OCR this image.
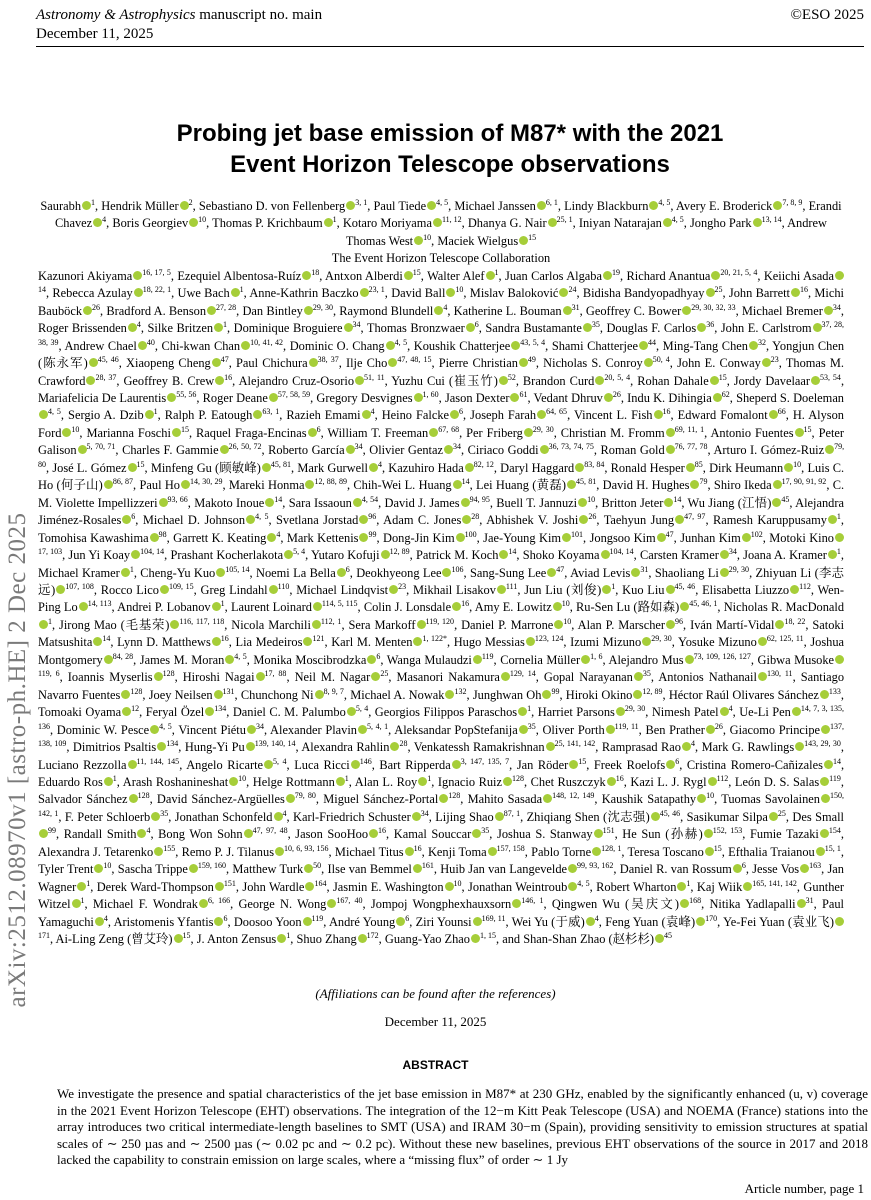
Astronomy & Astrophysics manuscript no. main
December 11, 2025
©ESO 2025
arXiv:2512.08970v1 [astro-ph.HE] 2 Dec 2025
Probing jet base emission of M87* with the 2021
Event Horizon Telescope observations
Saurabh $^1$, Hendrik Müller $^2$, Sebastiano D. von Fellenberg $^{3, 1}$, Paul Tiede $^{4, 5}$, Michael Janssen $^{6, 1}$, Lindy Blackburn $^{4, 5}$, Avery E. Broderick $^{7, 8, 9}$, Erandi Chavez $^4$, Boris Georgiev $^{10}$, Thomas P. Krichbaum $^1$, Kotaro Moriyama $^{11, 12}$, Dhanya G. Nair $^{25, 1}$, Iniyan Natarajan $^{4, 5}$, Jongho Park $^{13, 14}$, Andrew Thomas West $^{10}$, Maciek Wielgus $^{15}$
The Event Horizon Telescope Collaboration
Kazunori Akiyama $^{16, 17, 5}$, Ezequiel Albentosa-Ruíz $^{18}$, Antxon Alberdi $^{15}$, Walter Alef $^1$, Juan Carlos Algaba $^{19}$, Richard Anantua $^{20, 21, 5, 4}$, Keiichi Asada$^{14}$, Rebecca Azulay $^{18, 22, 1}$, Uwe Bach $^1$, Anne-Kathrin Baczko $^{23, 1}$, David Ball $^{10}$, Mislav Baloković $^{24}$, Bidisha Bandyopadhyay $^{25}$, John Barrett $^{16}$, Michi Bauböck $^{26}$, Bradford A. Benson $^{27, 28}$, Dan Bintley $^{29, 30}$, Raymond Blundell $^4$, Katherine L. Bouman $^{31}$, Geoffrey C. Bower $^{29, 30, 32, 33}$, Michael Bremer $^{34}$, Roger Brissenden $^4$, Silke Britzen $^1$, Dominique Broguiere $^{34}$, Thomas Bronzwaer $^6$, Sandra Bustamante $^{35}$, Douglas F. Carlos $^{36}$, John E. Carlstrom $^{37, 28, 38, 39}$, Andrew Chael $^{40}$, Chi-kwan Chan $^{10, 41, 42}$, Dominic O. Chang $^{4, 5}$, Koushik Chatterjee $^{43, 5, 4}$, Shami Chatterjee $^{44}$, Ming-Tang Chen $^{32}$, Yongjun Chen (陈永军) $^{45, 46}$, Xiaopeng Cheng $^{47}$, Paul Chichura $^{38, 37}$, Ilje Cho $^{47, 48, 15}$, Pierre Christian $^{49}$, Nicholas S. Conroy $^{50, 4}$, John E. Conway $^{23}$, Thomas M. Crawford $^{28, 37}$, Geoffrey B. Crew $^{16}$, Alejandro Cruz-Osorio $^{51, 11}$, Yuzhu Cui (崔玉竹) $^{52}$, Brandon Curd $^{20, 5, 4}$, Rohan Dahale $^{15}$, Jordy Davelaar $^{53, 54}$, Mariafelicia De Laurentis $^{55, 56}$, Roger Deane $^{57, 58, 59}$, Gregory Desvignes $^{1, 60}$, Jason Dexter $^{61}$, Vedant Dhruv $^{26}$, Indu K. Dihingia $^{62}$, Sheperd S. Doeleman$^{4, 5}$, Sergio A. Dzib $^1$, Ralph P. Eatough $^{63, 1}$, Razieh Emami $^4$, Heino Falcke $^6$, Joseph Farah $^{64, 65}$, Vincent L. Fish $^{16}$, Edward Fomalont $^{66}$, H. Alyson Ford $^{10}$, Marianna Foschi $^{15}$, Raquel Fraga-Encinas $^6$, William T. Freeman $^{67, 68}$, Per Friberg $^{29, 30}$, Christian M. Fromm $^{69, 11, 1}$, Antonio Fuentes $^{15}$, Peter Galison $^{5, 70, 71}$, Charles F. Gammie $^{26, 50, 72}$, Roberto García $^{34}$, Olivier Gentaz $^{34}$, Ciriaco Goddi $^{36, 73, 74, 75}$, Roman Gold $^{76, 77, 78}$, Arturo I. Gómez-Ruiz $^{79, 80}$, José L. Gómez $^{15}$, Minfeng Gu (顾敏峰) $^{45, 81}$, Mark Gurwell $^4$, Kazuhiro Hada $^{82, 12}$, Daryl Haggard $^{83, 84}$, Ronald Hesper $^{85}$, Dirk Heumann $^{10}$, Luis C. Ho (何子山) $^{86, 87}$, Paul Ho $^{14, 30, 29}$, Mareki Honma $^{12, 88, 89}$, Chih-Wei L. Huang $^{14}$, Lei Huang (黄磊) $^{45, 81}$, David H. Hughes $^{79}$, Shiro Ikeda $^{17, 90, 91, 92}$, C. M. Violette Impellizzeri $^{93, 66}$, Makoto Inoue $^{14}$, Sara Issaoun $^{4, 54}$, David J. James $^{94, 95}$, Buell T. Jannuzi $^{10}$, Britton Jeter $^{14}$, Wu Jiang (江悟) $^{45}$, Alejandra Jiménez-Rosales $^6$, Michael D. Johnson $^{4, 5}$, Svetlana Jorstad $^{96}$, Adam C. Jones $^{28}$, Abhishek V. Joshi $^{26}$, Taehyun Jung $^{47, 97}$, Ramesh Karuppusamy $^1$, Tomohisa Kawashima $^{98}$, Garrett K. Keating $^4$, Mark Kettenis $^{99}$, Dong-Jin Kim $^{100}$, Jae-Young Kim $^{101}$, Jongsoo Kim $^{47}$, Junhan Kim $^{102}$, Motoki Kino$^{17, 103}$, Jun Yi Koay $^{104, 14}$, Prashant Kocherlakota $^{5, 4}$, Yutaro Kofuji $^{12, 89}$, Patrick M. Koch $^{14}$, Shoko Koyama $^{104, 14}$, Carsten Kramer $^{34}$, Joana A. Kramer $^1$, Michael Kramer $^1$, Cheng-Yu Kuo $^{105, 14}$, Noemi La Bella $^6$, Deokhyeong Lee $^{106}$, Sang-Sung Lee $^{47}$, Aviad Levis $^{31}$, Shaoliang Li $^{29, 30}$, Zhiyuan Li (李志远) $^{107, 108}$, Rocco Lico $^{109, 15}$, Greg Lindahl $^{110}$, Michael Lindqvist $^{23}$, Mikhail Lisakov $^{111}$, Jun Liu (刘俊) $^1$, Kuo Liu $^{45, 46}$, Elisabetta Liuzzo $^{112}$, Wen-Ping Lo $^{14, 113}$, Andrei P. Lobanov $^1$, Laurent Loinard $^{114, 5, 115}$, Colin J. Lonsdale $^{16}$, Amy E. Lowitz $^{10}$, Ru-Sen Lu (路如森) $^{45, 46, 1}$, Nicholas R. MacDonald$^1$, Jirong Mao (毛基荣) $^{116, 117, 118}$, Nicola Marchili $^{112, 1}$, Sera Markoff $^{119, 120}$, Daniel P. Marrone $^{10}$, Alan P. Marscher $^{96}$, Iván Martí-Vidal $^{18, 22}$, Satoki Matsushita $^{14}$, Lynn D. Matthews $^{16}$, Lia Medeiros $^{121}$, Karl M. Menten $^{1, 122*}$, Hugo Messias $^{123, 124}$, Izumi Mizuno $^{29, 30}$, Yosuke Mizuno $^{62, 125, 11}$, Joshua Montgomery $^{84, 28}$, James M. Moran $^{4, 5}$, Monika Moscibrodzka $^6$, Wanga Mulaudzi $^{119}$, Cornelia Müller $^{1, 6}$, Alejandro Mus $^{73, 109, 126, 127}$, Gibwa Musoke$^{119, 6}$, Ioannis Myserlis $^{128}$, Hiroshi Nagai $^{17, 88}$, Neil M. Nagar $^{25}$, Masanori Nakamura $^{129, 14}$, Gopal Narayanan $^{35}$, Antonios Nathanail $^{130, 11}$, Santiago Navarro Fuentes $^{128}$, Joey Neilsen $^{131}$, Chunchong Ni $^{8, 9, 7}$, Michael A. Nowak $^{132}$, Junghwan Oh $^{99}$, Hiroki Okino $^{12, 89}$, Héctor Raúl Olivares Sánchez $^{133}$, Tomoaki Oyama $^{12}$, Feryal Özel $^{134}$, Daniel C. M. Palumbo $^{5, 4}$, Georgios Filippos Paraschos $^1$, Harriet Parsons $^{29, 30}$, Nimesh Patel $^4$, Ue-Li Pen $^{14, 7, 3, 135, 136}$, Dominic W. Pesce $^{4, 5}$, Vincent Piétu $^{34}$, Alexander Plavin $^{5, 4, 1}$, Aleksandar PopStefanija $^{35}$, Oliver Porth $^{119, 11}$, Ben Prather $^{26}$, Giacomo Principe $^{137, 138, 109}$, Dimitrios Psaltis $^{134}$, Hung-Yi Pu $^{139, 140, 14}$, Alexandra Rahlin $^{28}$, Venkatessh Ramakrishnan $^{25, 141, 142}$, Ramprasad Rao $^4$, Mark G. Rawlings $^{143, 29, 30}$, Luciano Rezzolla $^{11, 144, 145}$, Angelo Ricarte $^{5, 4}$, Luca Ricci $^{146}$, Bart Ripperda $^{3, 147, 135, 7}$, Jan Röder $^{15}$, Freek Roelofs $^6$, Cristina Romero-Cañizales $^{14}$, Eduardo Ros $^1$, Arash Roshanineshat $^{10}$, Helge Rottmann $^1$, Alan L. Roy $^1$, Ignacio Ruiz $^{128}$, Chet Ruszczyk $^{16}$, Kazi L. J. Rygl $^{112}$, León D. S. Salas $^{119}$, Salvador Sánchez $^{128}$, David Sánchez-Argüelles $^{79, 80}$, Miguel Sánchez-Portal $^{128}$, Mahito Sasada $^{148, 12, 149}$, Kaushik Satapathy $^{10}$, Tuomas Savolainen $^{150, 142, 1}$, F. Peter Schloerb $^{35}$, Jonathan Schonfeld $^4$, Karl-Friedrich Schuster $^{34}$, Lijing Shao $^{87, 1}$, Zhiqiang Shen (沈志强) $^{45, 46}$, Sasikumar Silpa $^{25}$, Des Small$^{99}$, Randall Smith $^4$, Bong Won Sohn $^{47, 97, 48}$, Jason SooHoo $^{16}$, Kamal Souccar $^{35}$, Joshua S. Stanway $^{151}$, He Sun (孙赫) $^{152, 153}$, Fumie Tazaki $^{154}$, Alexandra J. Tetarenko $^{155}$, Remo P. J. Tilanus $^{10, 6, 93, 156}$, Michael Titus $^{16}$, Kenji Toma $^{157, 158}$, Pablo Torne $^{128, 1}$, Teresa Toscano $^{15}$, Efthalia Traianou $^{15, 1}$, Tyler Trent $^{10}$, Sascha Trippe $^{159, 160}$, Matthew Turk $^{50}$, Ilse van Bemmel $^{161}$, Huib Jan van Langevelde $^{99, 93, 162}$, Daniel R. van Rossum $^6$, Jesse Vos $^{163}$, Jan Wagner $^1$, Derek Ward-Thompson $^{151}$, John Wardle $^{164}$, Jasmin E. Washington $^{10}$, Jonathan Weintroub $^{4, 5}$, Robert Wharton $^1$, Kaj Wiik $^{165, 141, 142}$, Gunther Witzel $^1$, Michael F. Wondrak $^{6, 166}$, George N. Wong $^{167, 40}$, Jompoj Wongphexhauxsorn $^{146, 1}$, Qingwen Wu (吴庆文) $^{168}$, Nitika Yadlapalli $^{31}$, Paul Yamaguchi $^4$, Aristomenis Yfantis $^6$, Doosoo Yoon $^{119}$, André Young $^6$, Ziri Younsi $^{169, 11}$, Wei Yu (于威) $^4$, Feng Yuan (袁峰) $^{170}$, Ye-Fei Yuan (袁业飞)$^{171}$, Ai-Ling Zeng (曾艾玲) $^{15}$, J. Anton Zensus $^1$, Shuo Zhang $^{172}$, Guang-Yao Zhao $^{1, 15}$, and Shan-Shan Zhao (赵杉杉) $^{45}$
(Affiliations can be found after the references)
December 11, 2025
ABSTRACT
We investigate the presence and spatial characteristics of the jet base emission in M87* at 230 GHz, enabled by the significantly enhanced (u, v) coverage in the 2021 Event Horizon Telescope (EHT) observations. The integration of the 12−m Kitt Peak Telescope (USA) and NOEMA (France) stations into the array introduces two critical intermediate-length baselines to SMT (USA) and IRAM 30−m (Spain), providing sensitivity to emission structures at spatial scales of ∼ 250 µas and ∼ 2500 µas (∼ 0.02 pc and ∼ 0.2 pc). Without these new baselines, previous EHT observations of the source in 2017 and 2018 lacked the capability to constrain emission on large scales, where a “missing flux” of order ∼ 1 Jy
Article number, page 1
